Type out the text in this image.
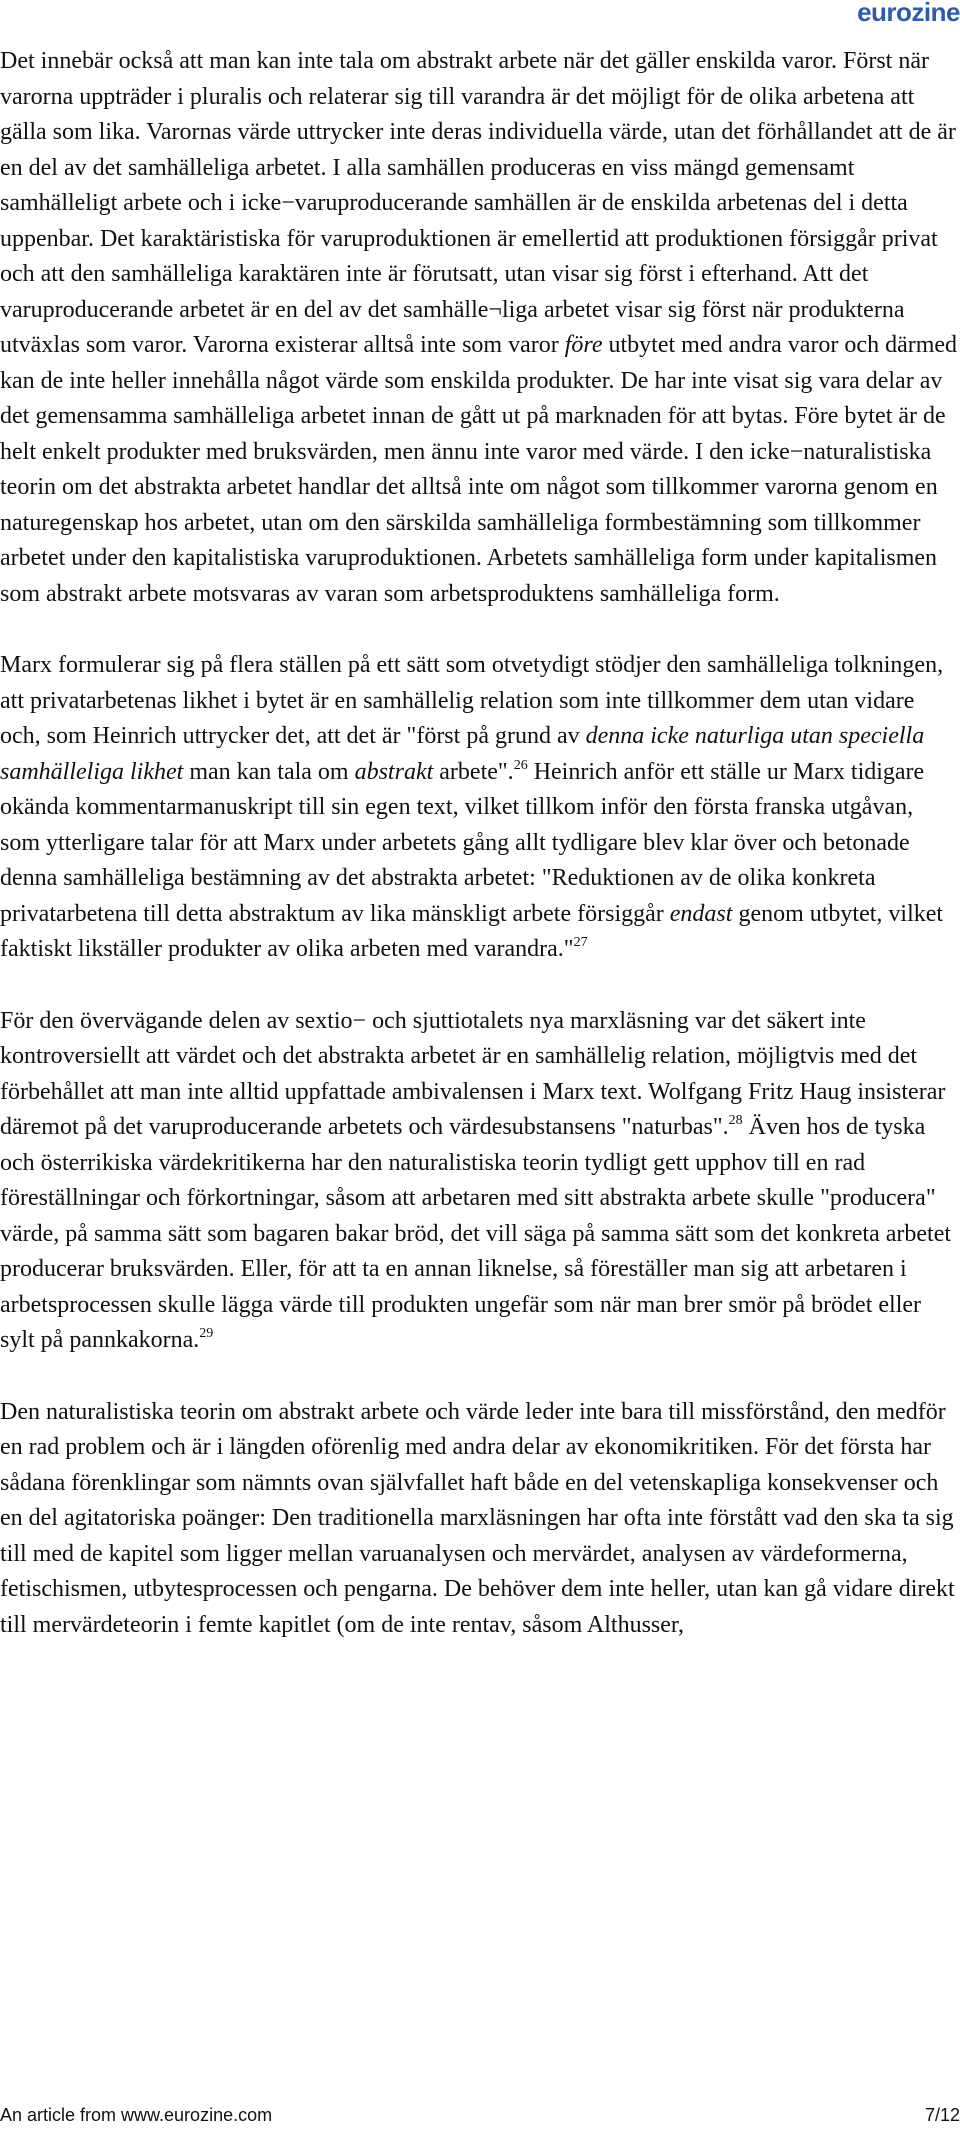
eurozine

Det innebär också att man kan inte tala om abstrakt arbete när det gäller enskilda varor. Först när varorna uppträder i pluralis och relaterar sig till varandra är det möjligt för de olika arbetena att gälla som lika. Varornas värde uttrycker inte deras individuella värde, utan det förhållandet att de är en del av det samhälleliga arbetet. I alla samhällen produceras en viss mängd gemensamt samhälleligt arbete och i icke−varuproducerande samhällen är de enskilda arbetenas del i detta uppenbar. Det karaktäristiska för varuproduktionen är emellertid att produktionen försiggår privat och att den samhälleliga karaktären inte är förutsatt, utan visar sig först i efterhand. Att det varuproducerande arbetet är en del av det samhälle¬liga arbetet visar sig först när produkterna utväxlas som varor. Varorna existerar alltså inte som varor före utbytet med andra varor och därmed kan de inte heller innehålla något värde som enskilda produkter. De har inte visat sig vara delar av det gemensamma samhälleliga arbetet innan de gått ut på marknaden för att bytas. Före bytet är de helt enkelt produkter med bruksvärden, men ännu inte varor med värde. I den icke−naturalistiska teorin om det abstrakta arbetet handlar det alltså inte om något som tillkommer varorna genom en naturegenskap hos arbetet, utan om den särskilda samhälleliga formbestämning som tillkommer arbetet under den kapitalistiska varuproduktionen. Arbetets samhälleliga form under kapitalismen som abstrakt arbete motsvaras av varan som arbetsproduktens samhälleliga form.

Marx formulerar sig på flera ställen på ett sätt som otvetydigt stödjer den samhälleliga tolkningen, att privatarbetenas likhet i bytet är en samhällelig relation som inte tillkommer dem utan vidare och, som Heinrich uttrycker det, att det är "först på grund av denna icke naturliga utan speciella samhälleliga likhet man kan tala om abstrakt arbete".$^{26}$ Heinrich anför ett ställe ur Marx tidigare okända kommentarmanuskript till sin egen text, vilket tillkom inför den första franska utgåvan, som ytterligare talar för att Marx under arbetets gång allt tydligare blev klar över och betonade denna samhälleliga bestämning av det abstrakta arbetet: "Reduktionen av de olika konkreta privatarbetena till detta abstraktum av lika mänskligt arbete försiggår endast genom utbytet, vilket faktiskt likställer produkter av olika arbeten med varandra."$^{27}$

För den övervägande delen av sextio− och sjuttiotalets nya marxläsning var det säkert inte kontroversiellt att värdet och det abstrakta arbetet är en samhällelig relation, möjligtvis med det förbehållet att man inte alltid uppfattade ambivalensen i Marx text. Wolfgang Fritz Haug insisterar däremot på det varuproducerande arbetets och värdesubstansens "naturbas".$^{28}$ Även hos de tyska och österrikiska värdekritikerna har den naturalistiska teorin tydligt gett upphov till en rad föreställningar och förkortningar, såsom att arbetaren med sitt abstrakta arbete skulle "producera" värde, på samma sätt som bagaren bakar bröd, det vill säga på samma sätt som det konkreta arbetet producerar bruksvärden. Eller, för att ta en annan liknelse, så föreställer man sig att arbetaren i arbetsprocessen skulle lägga värde till produkten ungefär som när man brer smör på brödet eller sylt på pannkakorna.$^{29}$

Den naturalistiska teorin om abstrakt arbete och värde leder inte bara till missförstånd, den medför en rad problem och är i längden oförenlig med andra delar av ekonomikritiken. För det första har sådana förenklingar som nämnts ovan självfallet haft både en del vetenskapliga konsekvenser och en del agitatoriska poänger: Den traditionella marxläsningen har ofta inte förstått vad den ska ta sig till med de kapitel som ligger mellan varuanalysen och mervärdet, analysen av värdeformerna, fetischismen, utbytesprocessen och pengarna. De behöver dem inte heller, utan kan gå vidare direkt till mervärdeteorin i femte kapitlet (om de inte rentav, såsom Althusser,

An article from www.eurozine.com	7/12
